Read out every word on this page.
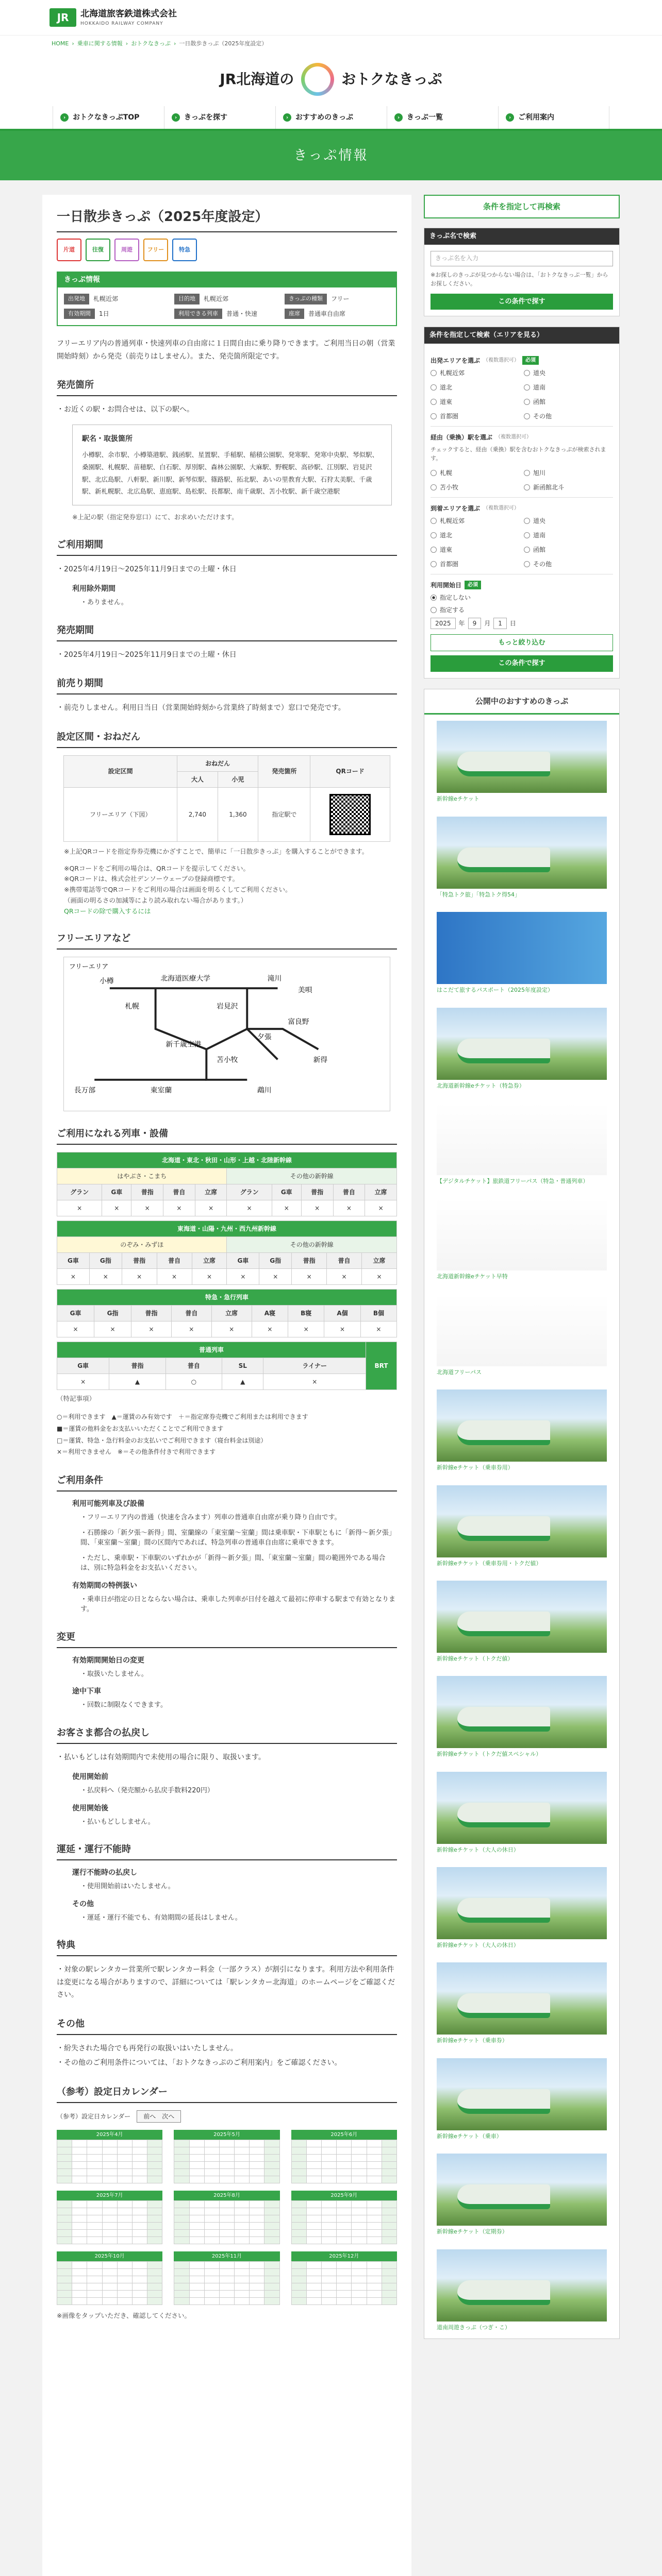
JR	北海道旅客鉄道株式会社
HOKKAIDO RAILWAY COMPANY
HOME › 乗車に関する情報 › おトクなきっぷ › 一日散歩きっぷ（2025年度設定）
JR北海道の	おトクなきっぷ
› おトクなきっぷTOP	› きっぷを探す	› おすすめのきっぷ	› きっぷ一覧	› ご利用案内
きっぷ情報
一日散歩きっぷ（2025年度設定）
片道	往復	周遊	フリー	特急
きっぷ情報
出発地	札幌近郊	目的地	札幌近郊	きっぷの種類	フリー
有効期間	1日	利用できる列車	普通・快速	座席	普通車自由席

フリーエリア内の普通列車・快速列車の自由席に１日間自由に乗り降りできます。ご利用当日の朝（営業開始時刻）から発売（前売りはしません）。また、発売箇所限定です。

発売箇所

・お近くの駅・お問合せは、以下の駅へ。

駅名・取扱箇所
小樽駅、余市駅、小樽築港駅、銭函駅、星置駅、手稲駅、稲積公園駅、発寒駅、発寒中央駅、琴似駅、桑園駅、札幌駅、苗穂駅、白石駅、厚別駅、森林公園駅、大麻駅、野幌駅、高砂駅、江別駅、岩見沢駅、北広島駅、八軒駅、新川駅、新琴似駅、篠路駅、拓北駅、あいの里教育大駅、石狩太美駅、千歳駅、新札幌駅、北広島駅、恵庭駅、島松駅、長都駅、南千歳駅、苫小牧駅、新千歳空港駅
※上記の駅（指定発券窓口）にて、お求めいただけます。
ご利用期間

・2025年4月19日〜2025年11月9日までの土曜・休日

利用除外期間
・ありません。
発売期間

・2025年4月19日〜2025年11月9日までの土曜・休日

前売り期間

・前売りしません。利用日当日（営業開始時刻から営業終了時刻まで）窓口で発売です。

設定区間・おねだん
設定区間	おねだん		発売箇所	QRコード
	大人	小児		
フリーエリア（下図）	2,740	1,360	指定駅で	
※上記QRコードを指定券券売機にかざすことで、簡単に「一日散歩きっぷ」を購入することができます。
※QRコードをご利用の場合は、QRコードを提示してください。
※QRコードは、株式会社デンソーウェーブの登録商標です。
※携帯電話等でQRコードをご利用の場合は画面を明るくしてご利用ください。
（画面の明るさの加減等により読み取れない場合があります。）
QRコードの除で購入するには
フリーエリアなど
フリーエリア
小樽	北海道医療大学	滝川
美唄
札幌	岩見沢
富良野
新千歳空港
苫小牧
夕張
長万部
新得
東室蘭	鵡川
ご利用になれる列車・設備
北海道・東北・秋田・山形・上越・北陸新幹線									
はやぶさ・こまち					その他の新幹線				
グラン	G車	普指	普自	立席	グラン	G車	普指	普自	立席
×	×	×	×	×	×	×	×	×	×
東海道・山陽・九州・西九州新幹線									
のぞみ・みずほ					その他の新幹線				
G車	G指	普指	普自	立席	G車	G指	普指	普自	立席
×	×	×	×	×	×	×	×	×	×
特急・急行列車								
G車	G指	普指	普自	立席	A寝	B寝	A個	B個
×	×	×	×	×	×	×	×	×
普通列車					BRT
G車	普指	普自	SL	ライナー	
×	▲	○	▲	×	
（特記事項）
○＝利用できます　▲＝運賃のみ有効です　＋＝指定席券売機でご利用または利用できます
■＝運賃の他料金をお支払いいただくことでご利用できます
□＝運賃、特急・急行料金のお支払いでご利用できます（寝台料金は別途）
×＝利用できません　※＝その他条件付きで利用できます
ご利用条件
利用可能列車及び設備
・フリーエリア内の普通（快速を含みます）列車の普通車自由席が乗り降り自由です。
・石勝線の「新夕張〜新得」間、室蘭線の「東室蘭〜室蘭」間は乗車駅・下車駅ともに「新得〜新夕張」間、「東室蘭〜室蘭」間の区間内であれば、特急列車の普通車自由席に乗車できます。
・ただし、乗車駅・下車駅のいずれかが「新得〜新夕張」間、「東室蘭〜室蘭」間の範囲外である場合は、別に特急料金をお支払いください。
有効期間の特例扱い
・乗車日が指定の日とならない場合は、乗車した列車が日付を越えて最初に停車する駅まで有効となります。
変更
有効期間開始日の変更
・取扱いたしません。
途中下車
・回数に制限なくできます。
お客さま都合の払戻し

・払いもどしは有効期間内で未使用の場合に限り、取扱います。

使用開始前
・払戻料へ（発売額から払戻手数料220円）
使用開始後
・払いもどししません。
運延・運行不能時
運行不能時の払戻し
・使用開始前はいたしません。
その他
・運延・運行不能でも、有効期間の延長はしません。
特典

・対象の駅レンタカー営業所で駅レンタカー料金（一部クラス）が割引になります。利用方法や利用条件は変更になる場合がありますので、詳細については「駅レンタカー北海道」のホームページをご確認ください。

その他

・紛失された場合でも再発行の取扱いはいたしません。

・その他のご利用条件については、「おトクなきっぷのご利用案内」をご確認ください。

（参考）設定日カレンダー
（参考）設定日カレンダー	前へ　次へ
2025年4月

							2025年5月

							2025年6月

2025年7月

							2025年8月

							2025年9月

2025年10月

							2025年11月

							2025年12月

※画像をタップいただき、確認してください。
条件を指定して再検索
きっぷ名で検索
きっぷ名を入力
※お探しのきっぷが見つからない場合は、「おトクなきっぷ一覧」からお探しください。
この条件で探す
条件を指定して検索（エリアを見る）
出発エリアを選ぶ （複数選択可）	必須
札幌近郊	道央
道北	道南
道東	函館
首都圏	その他
経由（乗換）駅を選ぶ （複数選択可）
チェックすると、経由（乗換）駅を含むおトクなきっぷが検索されます。
札幌	旭川
苫小牧	新函館北斗
到着エリアを選ぶ （複数選択可）
札幌近郊	道央
道北	道南
道東	函館
首都圏	その他
利用開始日	必須
指定しない
指定する
2025	年	9	月	1	日
もっと絞り込む
この条件で探す
公開中のおすすめのきっぷ
新幹線eチケット
「特急トク旅」「特急トク得54」
はこだて旅するパスポート（2025年度設定）
北海道新幹線eチケット（特急券）
【デジタルチケット】旅鉄道フリーパス（特急・普通列車）
北海道新幹線eチケット早特
北海道フリーパス
新幹線eチケット（乗車券用）
新幹線eチケット（乗車券用・トクだ値）
新幹線eチケット（トクだ値）
新幹線eチケット（トクだ値スペシャル）
新幹線eチケット（大人の休日）
新幹線eチケット（大人の休日）
新幹線eチケット（乗車券）
新幹線eチケット（乗車）
新幹線eチケット（定期券）
道南周遊きっぷ（つぎ・こ）
